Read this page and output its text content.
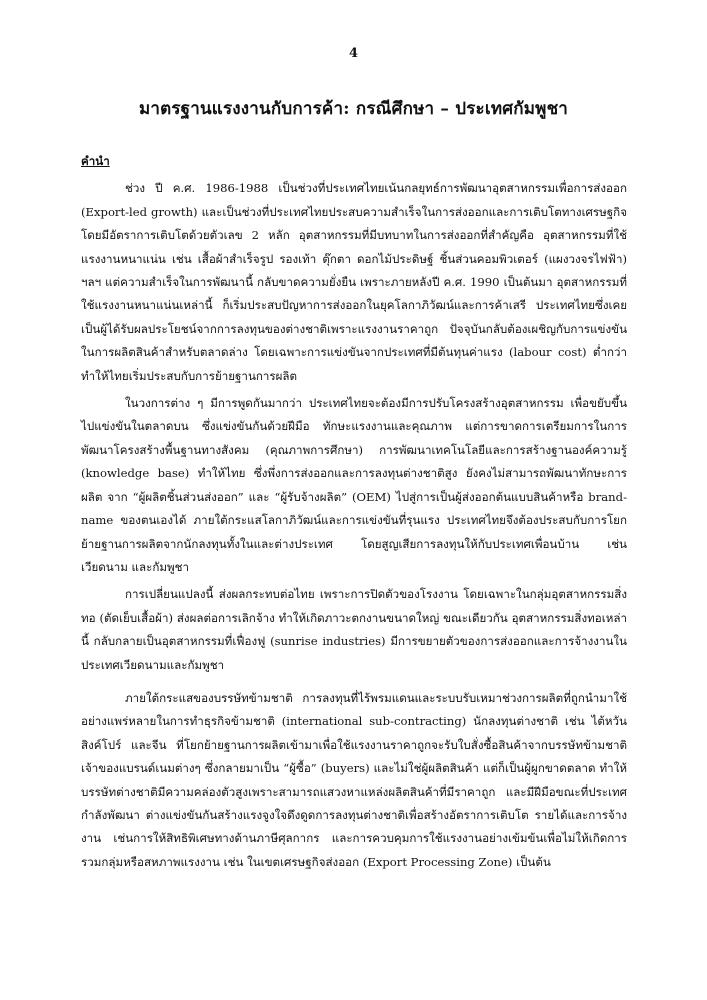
4
มาตรฐานแรงงานกับการค้า: กรณีศึกษา – ประเทศกัมพูชา
คำนำ

ช่วง ปี ค.ศ. 1986-1988 เป็นช่วงที่ประเทศไทยเน้นกลยุทธ์การพัฒนาอุตสาหกรรมเพื่อการส่งออก (Export-led growth) และเป็นช่วงที่ประเทศไทยประสบความสำเร็จในการส่งออกและการเติบโตทางเศรษฐกิจ โดยมีอัตราการเติบโตด้วยตัวเลข 2 หลัก อุตสาหกรรมที่มีบทบาทในการส่งออกที่สำคัญคือ อุตสาหกรรมที่ใช้แรงงานหนาแน่น เช่น เสื้อผ้าสำเร็จรูป รองเท้า ตุ๊กตา ดอกไม้ประดิษฐ์ ชิ้นส่วนคอมพิวเตอร์ (แผงวงจรไฟฟ้า) ฯลฯ แต่ความสำเร็จในการพัฒนานี้ กลับขาดความยั่งยืน เพราะภายหลังปี ค.ศ. 1990 เป็นต้นมา อุตสาหกรรมที่ใช้แรงงานหนาแน่นเหล่านี้ ก็เริ่มประสบปัญหาการส่งออกในยุคโลกาภิวัฒน์และการค้าเสรี ประเทศไทยซึ่งเคยเป็นผู้ได้รับผลประโยชน์จากการลงทุนของต่างชาติเพราะแรงงานราคาถูก ปัจจุบันกลับต้องเผชิญกับการแข่งขันในการผลิตสินค้าสำหรับตลาดล่าง โดยเฉพาะการแข่งขันจากประเทศที่มีต้นทุนค่าแรง (labour cost) ต่ำกว่าทำให้ไทยเริ่มประสบกับการย้ายฐานการผลิต

ในวงการต่าง ๆ มีการพูดกันมากว่า ประเทศไทยจะต้องมีการปรับโครงสร้างอุตสาหกรรม เพื่อขยับขึ้นไปแข่งขันในตลาดบน ซึ่งแข่งขันกันด้วยฝีมือ ทักษะแรงงานและคุณภาพ แต่การขาดการเตรียมการในการพัฒนาโครงสร้างพื้นฐานทางสังคม (คุณภาพการศึกษา) การพัฒนาเทคโนโลยีและการสร้างฐานองค์ความรู้ (knowledge base) ทำให้ไทย ซึ่งพึ่งการส่งออกและการลงทุนต่างชาติสูง ยังคงไม่สามารถพัฒนาทักษะการผลิต จาก “ผู้ผลิตชิ้นส่วนส่งออก” และ “ผู้รับจ้างผลิต” (OEM) ไปสู่การเป็นผู้ส่งออกต้นแบบสินค้าหรือ brand-name ของตนเองได้ ภายใต้กระแสโลกาภิวัฒน์และการแข่งขันที่รุนแรง ประเทศไทยจึงต้องประสบกับการโยกย้ายฐานการผลิตจากนักลงทุนทั้งในและต่างประเทศ โดยสูญเสียการลงทุนให้กับประเทศเพื่อนบ้าน เช่น เวียดนาม และกัมพูชา

การเปลี่ยนแปลงนี้ ส่งผลกระทบต่อไทย เพราะการปิดตัวของโรงงาน โดยเฉพาะในกลุ่มอุตสาหกรรมสิ่งทอ (ตัดเย็บเสื้อผ้า) ส่งผลต่อการเลิกจ้าง ทำให้เกิดภาวะตกงานขนาดใหญ่ ขณะเดียวกัน อุตสาหกรรมสิ่งทอเหล่านี้ กลับกลายเป็นอุตสาหกรรมที่เฟื่องฟู (sunrise industries) มีการขยายตัวของการส่งออกและการจ้างงานในประเทศเวียดนามและกัมพูชา

ภายใต้กระแสของบรรษัทข้ามชาติ การลงทุนที่ไร้พรมแดนและระบบรับเหมาช่วงการผลิตที่ถูกนำมาใช้อย่างแพร่หลายในการทำธุรกิจข้ามชาติ (international sub-contracting) นักลงทุนต่างชาติ เช่น ไต้หวัน สิงค์โปร์ และจีน ที่โยกย้ายฐานการผลิตเข้ามาเพื่อใช้แรงงานราคาถูกจะรับใบสั่งซื้อสินค้าจากบรรษัทข้ามชาติ เจ้าของแบรนด์เนมต่างๆ ซึ่งกลายมาเป็น “ผู้ซื้อ” (buyers) และไม่ใช่ผู้ผลิตสินค้า แต่ก็เป็นผู้ผูกขาดตลาด ทำให้บรรษัทต่างชาติมีความคล่องตัวสูงเพราะสามารถแสวงหาแหล่งผลิตสินค้าที่มีราคาถูก และมีฝีมือขณะที่ประเทศกำลังพัฒนา ต่างแข่งขันกันสร้างแรงจูงใจดึงดูดการลงทุนต่างชาติเพื่อสร้างอัตราการเติบโต รายได้และการจ้างงาน เช่นการให้สิทธิพิเศษทางด้านภาษีศุลกากร และการควบคุมการใช้แรงงานอย่างเข้มข้นเพื่อไม่ให้เกิดการรวมกลุ่มหรือสหภาพแรงงาน เช่น ในเขตเศรษฐกิจส่งออก (Export Processing Zone) เป็นต้น
